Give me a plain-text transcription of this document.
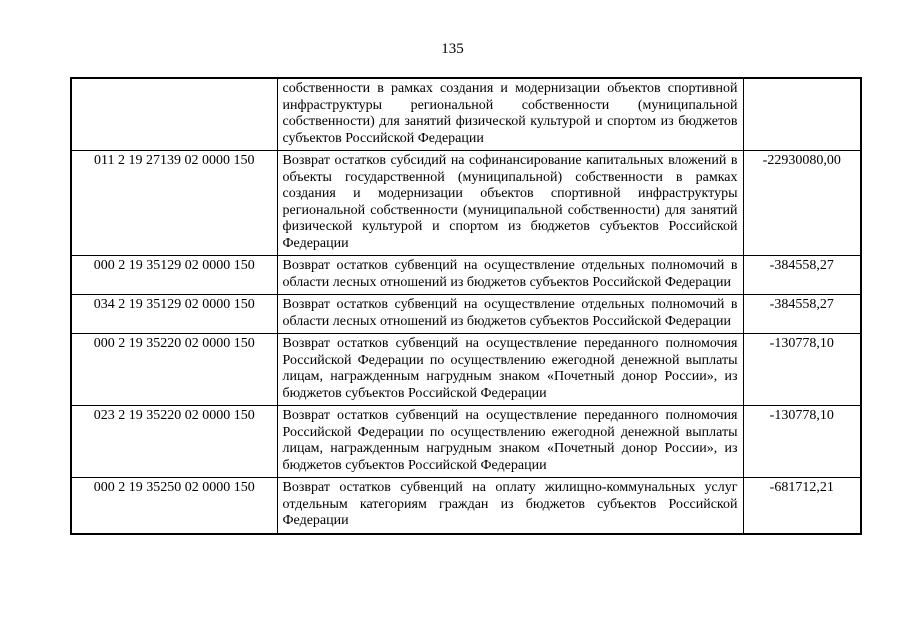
135
	собственности в рамках создания и модернизации объектов спортивной инфраструктуры региональной собственности (муниципальной собственности) для занятий физической культурой и спортом из бюджетов субъектов Российской Федерации	
011 2 19 27139 02 0000 150	Возврат остатков субсидий на софинансирование капитальных вложений в объекты государственной (муниципальной) собственности в рамках создания и модернизации объектов спортивной инфраструктуры региональной собственности (муниципальной собственности) для занятий физической культурой и спортом из бюджетов субъектов Российской Федерации	-22930080,00
000 2 19 35129 02 0000 150	Возврат остатков субвенций на осуществление отдельных полномочий в области лесных отношений из бюджетов субъектов Российской Федерации	-384558,27
034 2 19 35129 02 0000 150	Возврат остатков субвенций на осуществление отдельных полномочий в области лесных отношений из бюджетов субъектов Российской Федерации	-384558,27
000 2 19 35220 02 0000 150	Возврат остатков субвенций на осуществление переданного полномочия Российской Федерации по осуществлению ежегодной денежной выплаты лицам, награжденным нагрудным знаком «Почетный донор России», из бюджетов субъектов Российской Федерации	-130778,10
023 2 19 35220 02 0000 150	Возврат остатков субвенций на осуществление переданного полномочия Российской Федерации по осуществлению ежегодной денежной выплаты лицам, награжденным нагрудным знаком «Почетный донор России», из бюджетов субъектов Российской Федерации	-130778,10
000 2 19 35250 02 0000 150	Возврат остатков субвенций на оплату жилищно-коммунальных услуг отдельным категориям граждан из бюджетов субъектов Российской Федерации	-681712,21
